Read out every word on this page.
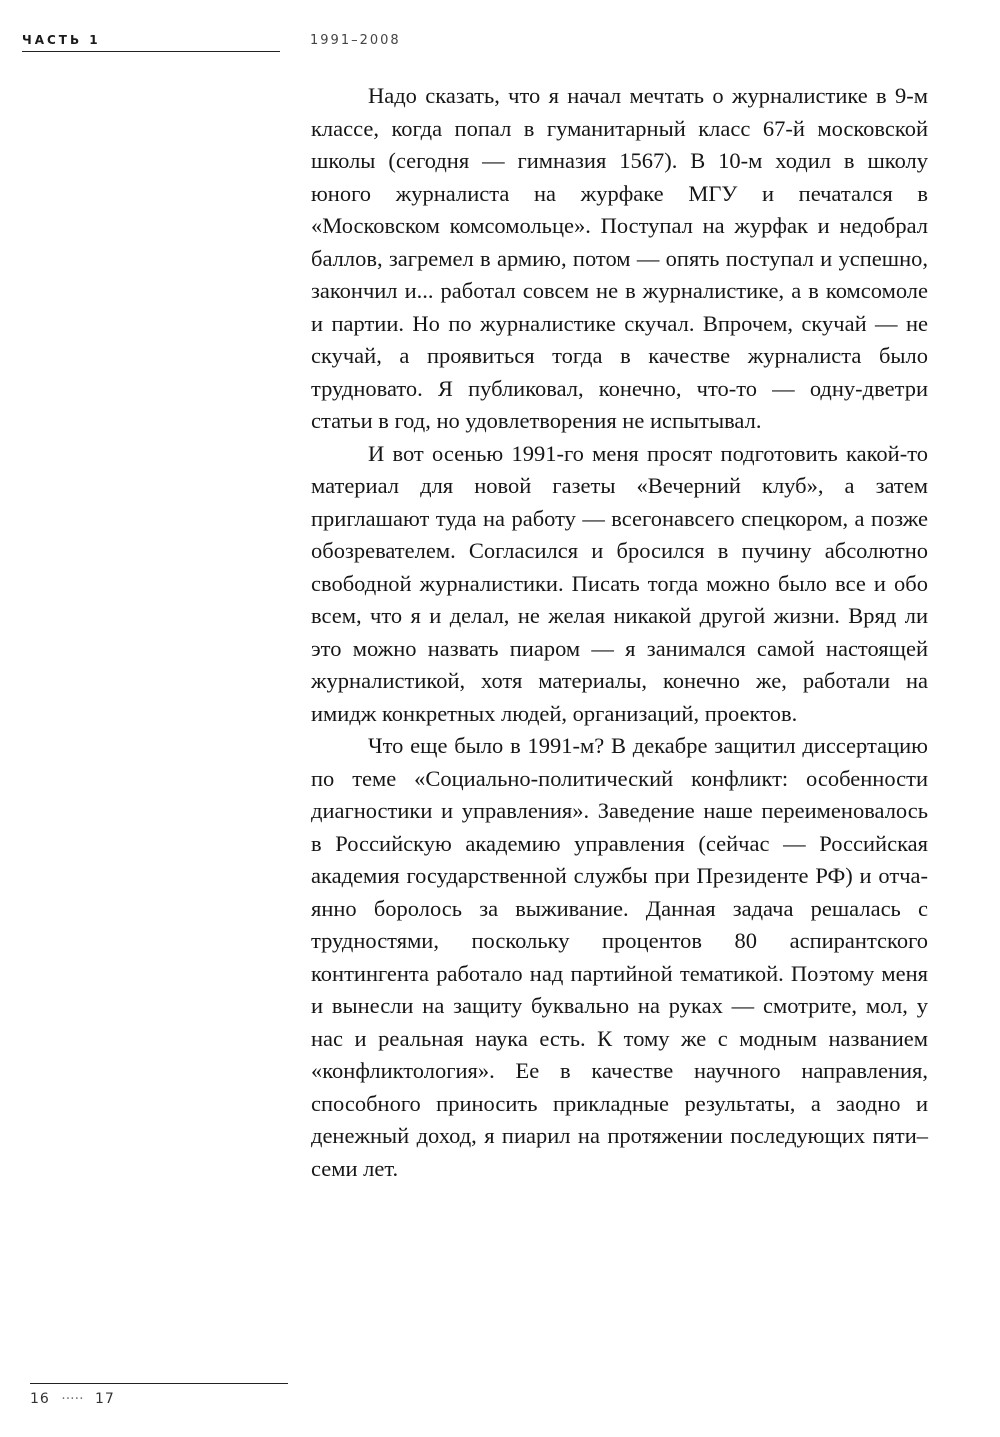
ЧАСТЬ 1	1991–2008

Надо сказать, что я начал мечтать о журналистике в 9-м классе, когда попал в гуманитарный класс 67-й московской школы (сегодня — гимназия 1567). В 10-м ходил в школу юного журналиста на журфаке МГУ и печатался в «Московском комсомольце». Поступал на журфак и недобрал баллов, загремел в армию, потом — опять поступал и успешно, закончил и... работал совсем не в журналистике, а в комсомоле и партии. Но по журналистике скучал. Впрочем, скучай — не скучай, а проявиться тогда в качестве журналиста было трудновато. Я публиковал, конечно, что-то — одну-дветри статьи в год, но удовлетворения не испытывал.

И вот осенью 1991-го меня просят подготовить какой-то материал для новой газеты «Вечерний клуб», а затем приглашают туда на работу — всегонавсего спецкором, а позже обозревателем. Согласился и бросился в пучину абсолютно свободной журналистики. Писать тогда можно было все и обо всем, что я и делал, не желая никакой другой жизни. Вряд ли это можно назвать пиаром — я занимался самой настоящей журналистикой, хотя материалы, конечно же, работали на имидж конкретных людей, организаций, проектов.

Что еще было в 1991-м? В декабре защитил диссертацию по теме «Социально-политический конфликт: особенности диагностики и управления». Заведение наше переименовалось в Российскую академию управления (сейчас — Российская академия государственной службы при Президенте РФ) и отчаянно боролось за выживание. Данная задача решалась с трудностями, поскольку процентов 80 аспирантского контингента работало над партийной тематикой. Поэтому меня и вынесли на защиту буквально на руках — смотрите, мол, у нас и реальная наука есть. К тому же с модным названием «конфликтология». Ее в качестве научного направления, способного приносить прикладные результаты, а заодно и денежный доход, я пиарил на протяжении последующих пяти–семи лет.

16 ····· 17
